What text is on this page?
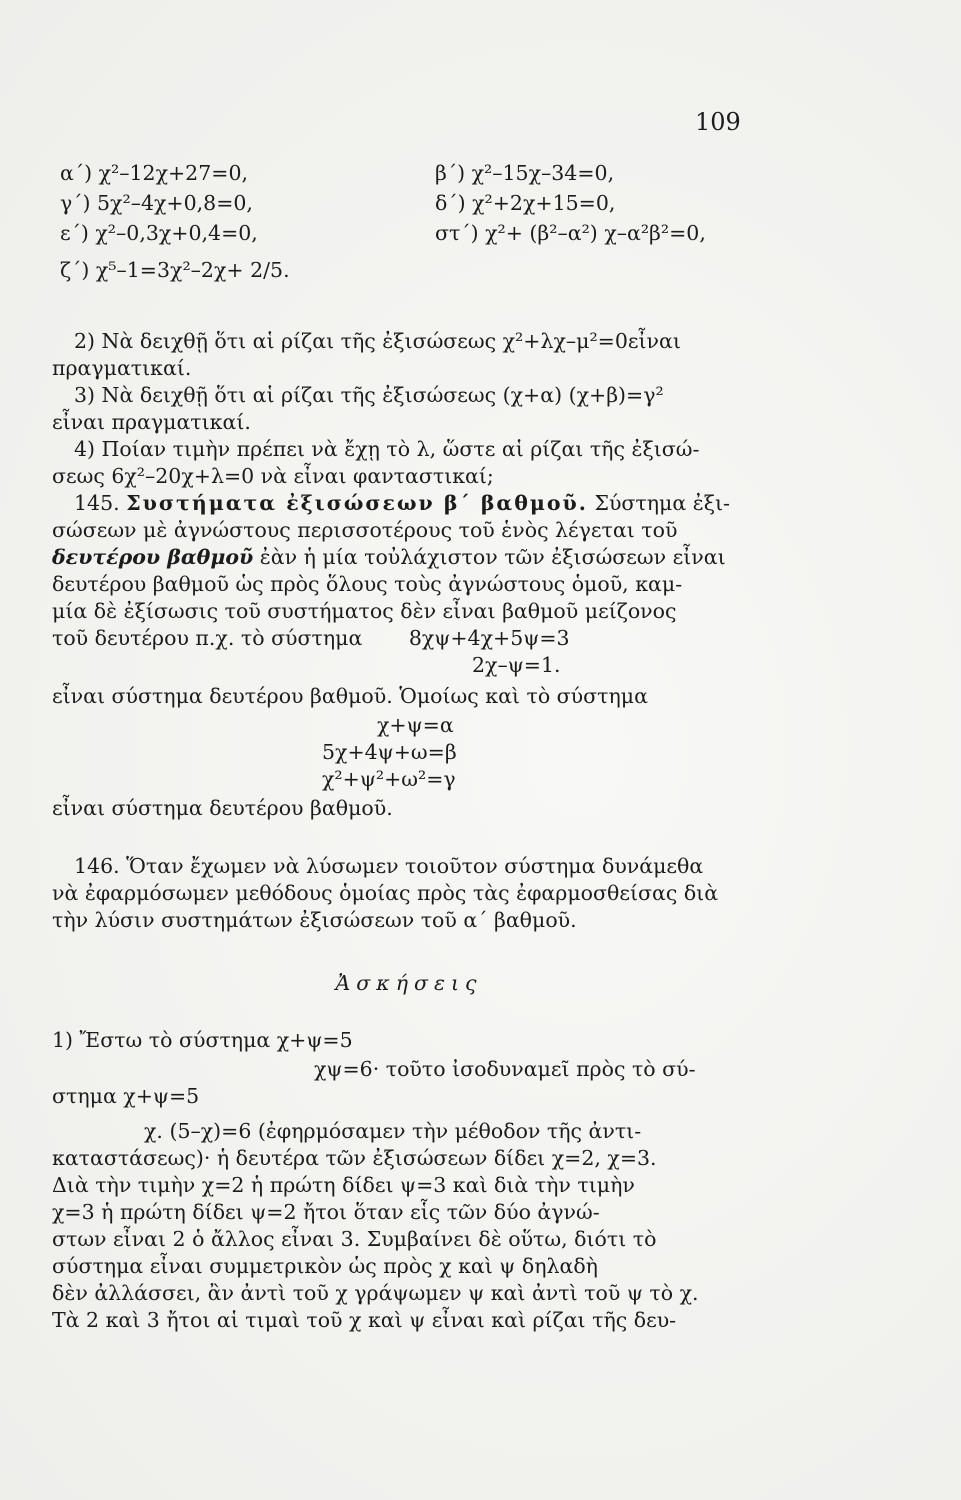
109
α΄) χ²–12χ+27=0,	β΄) χ²–15χ–34=0,
γ΄) 5χ²–4χ+0,8=0,	δ΄) χ²+2χ+15=0,
ε΄) χ²–0,3χ+0,4=0,	στ΄) χ²+ (β²–α²) χ–α²β²=0,
ζ΄) χ⁵–1=3χ²–2χ+ 2/5.
2) Νὰ δειχθῇ ὅτι αἱ ρίζαι τῆς ἐξισώσεως χ²+λχ–μ²=0εἶναι
πραγματικαί.
3) Νὰ δειχθῇ ὅτι αἱ ρίζαι τῆς ἐξισώσεως (χ+α) (χ+β)=γ²
εἶναι πραγματικαί.
4) Ποίαν τιμὴν πρέπει νὰ ἔχῃ τὸ λ, ὥστε αἱ ρίζαι τῆς ἐξισώ-
σεως 6χ²–20χ+λ=0 νὰ εἶναι φανταστικαί;
145. Συστήματα ἐξισώσεων β΄ βαθμοῦ. Σύστημα ἐξι-
σώσεων μὲ ἀγνώστους περισσοτέρους τοῦ ἑνὸς λέγεται τοῦ
δευτέρου βαθμοῦ ἐὰν ἡ μία τοὐλάχιστον τῶν ἐξισώσεων εἶναι
δευτέρου βαθμοῦ ὡς πρὸς ὅλους τοὺς ἀγνώστους ὁμοῦ, καμ-
μία δὲ ἐξίσωσις τοῦ συστήματος δὲν εἶναι βαθμοῦ μείζονος
τοῦ δευτέρου π.χ. τὸ σύστημα 8χψ+4χ+5ψ=3
2χ–ψ=1.
εἶναι σύστημα δευτέρου βαθμοῦ. Ὁμοίως καὶ τὸ σύστημα
χ+ψ=α
5χ+4ψ+ω=β
χ²+ψ²+ω²=γ
εἶναι σύστημα δευτέρου βαθμοῦ.
146. Ὅταν ἔχωμεν νὰ λύσωμεν τοιοῦτον σύστημα δυνάμεθα
νὰ ἐφαρμόσωμεν μεθόδους ὁμοίας πρὸς τὰς ἐφαρμοσθείσας διὰ
τὴν λύσιν συστημάτων ἐξισώσεων τοῦ α΄ βαθμοῦ.
Ἀσκήσεις
1) Ἔστω τὸ σύστημα χ+ψ=5
χψ=6· τοῦτο ἰσοδυναμεῖ πρὸς τὸ σύ-
στημα χ+ψ=5
χ. (5–χ)=6 (ἐφηρμόσαμεν τὴν μέθοδον τῆς ἀντι-
καταστάσεως)· ἡ δευτέρα τῶν ἐξισώσεων δίδει χ=2, χ=3.
Διὰ τὴν τιμὴν χ=2 ἡ πρώτη δίδει ψ=3 καὶ διὰ τὴν τιμὴν
χ=3 ἡ πρώτη δίδει ψ=2 ἤτοι ὅταν εἷς τῶν δύο ἀγνώ-
στων εἶναι 2 ὁ ἄλλος εἶναι 3. Συμβαίνει δὲ οὕτω, διότι τὸ
σύστημα εἶναι συμμετρικὸν ὡς πρὸς χ καὶ ψ δηλαδὴ
δὲν ἀλλάσσει, ἂν ἀντὶ τοῦ χ γράψωμεν ψ καὶ ἀντὶ τοῦ ψ τὸ χ.
Τὰ 2 καὶ 3 ἤτοι αἱ τιμαὶ τοῦ χ καὶ ψ εἶναι καὶ ρίζαι τῆς δευ-
